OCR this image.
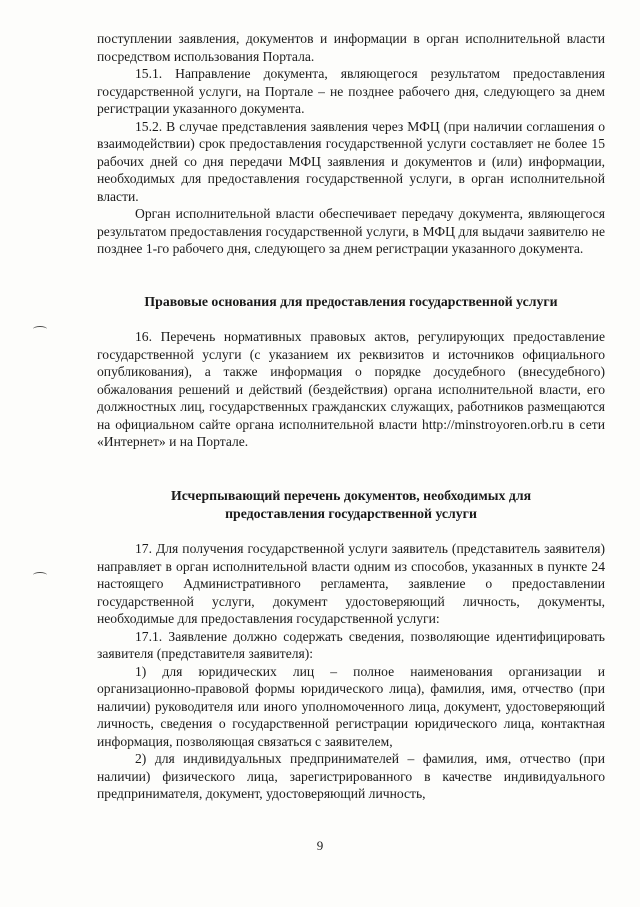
поступлении заявления, документов и информации в орган исполнительной власти посредством использования Портала.

15.1. Направление документа, являющегося результатом предоставления государственной услуги, на Портале – не позднее рабочего дня, следующего за днем регистрации указанного документа.

15.2. В случае представления заявления через МФЦ (при наличии соглашения о взаимодействии) срок предоставления государственной услуги составляет не более 15 рабочих дней со дня передачи МФЦ заявления и документов и (или) информации, необходимых для предоставления государственной услуги, в орган исполнительной власти.

Орган исполнительной власти обеспечивает передачу документа, являющегося результатом предоставления государственной услуги, в МФЦ для выдачи заявителю не позднее 1-го рабочего дня, следующего за днем регистрации указанного документа.

Правовые основания для предоставления государственной услуги

16. Перечень нормативных правовых актов, регулирующих предоставление государственной услуги (с указанием их реквизитов и источников официального опубликования), а также информация о порядке досудебного (внесудебного) обжалования решений и действий (бездействия) органа исполнительной власти, его должностных лиц, государственных гражданских служащих, работников размещаются на официальном сайте органа исполнительной власти http://minstroyoren.orb.ru в сети «Интернет» и на Портале.

Исчерпывающий перечень документов, необходимых для
предоставления государственной услуги

17. Для получения государственной услуги заявитель (представитель заявителя) направляет в орган исполнительной власти одним из способов, указанных в пункте 24 настоящего Административного регламента, заявление о предоставлении государственной услуги, документ удостоверяющий личность, документы, необходимые для предоставления государственной услуги:

17.1. Заявление должно содержать сведения, позволяющие идентифицировать заявителя (представителя заявителя):

1) для юридических лиц – полное наименования организации и организационно-правовой формы юридического лица), фамилия, имя, отчество (при наличии) руководителя или иного уполномоченного лица, документ, удостоверяющий личность, сведения о государственной регистрации юридического лица, контактная информация, позволяющая связаться с заявителем,

2) для индивидуальных предпринимателей – фамилия, имя, отчество (при наличии) физического лица, зарегистрированного в качестве индивидуального предпринимателя, документ, удостоверяющий личность,

9
